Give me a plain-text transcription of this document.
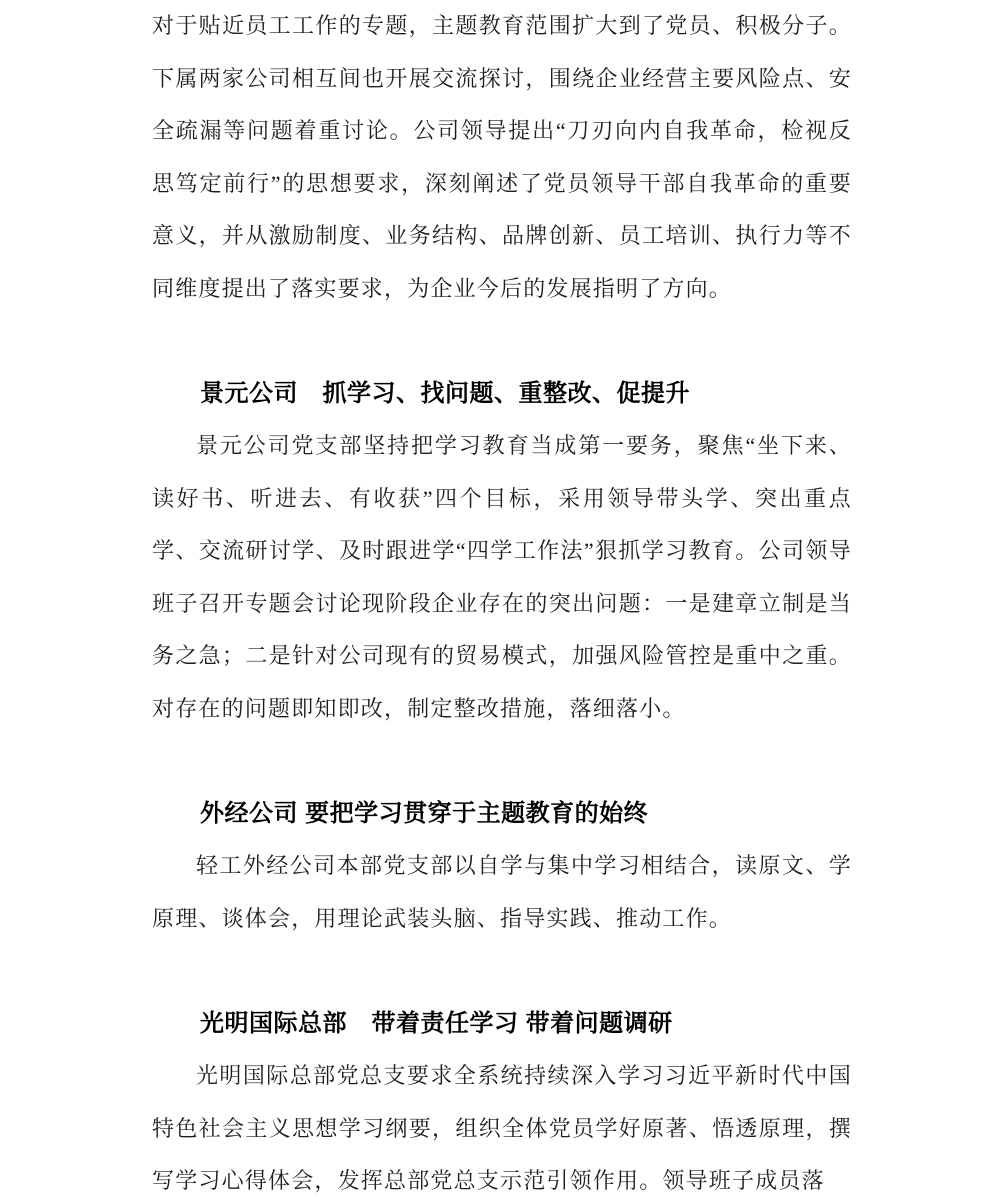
对于贴近员工工作的专题，主题教育范围扩大到了党员、积极分子。下属两家公司相互间也开展交流探讨，围绕企业经营主要风险点、安全疏漏等问题着重讨论。公司领导提出“刀刃向内自我革命，检视反思笃定前行”的思想要求，深刻阐述了党员领导干部自我革命的重要意义，并从激励制度、业务结构、品牌创新、员工培训、执行力等不同维度提出了落实要求，为企业今后的发展指明了方向。

景元公司　抓学习、找问题、重整改、促提升

景元公司党支部坚持把学习教育当成第一要务，聚焦“坐下来、读好书、听进去、有收获”四个目标，采用领导带头学、突出重点学、交流研讨学、及时跟进学“四学工作法”狠抓学习教育。公司领导班子召开专题会讨论现阶段企业存在的突出问题：一是建章立制是当务之急；二是针对公司现有的贸易模式，加强风险管控是重中之重。对存在的问题即知即改，制定整改措施，落细落小。

外经公司 要把学习贯穿于主题教育的始终

轻工外经公司本部党支部以自学与集中学习相结合，读原文、学原理、谈体会，用理论武装头脑、指导实践、推动工作。

光明国际总部　带着责任学习 带着问题调研

光明国际总部党总支要求全系统持续深入学习习近平新时代中国特色社会主义思想学习纲要，组织全体党员学好原著、悟透原理，撰写学习心得体会，发挥总部党总支示范引领作用。领导班子成员落
